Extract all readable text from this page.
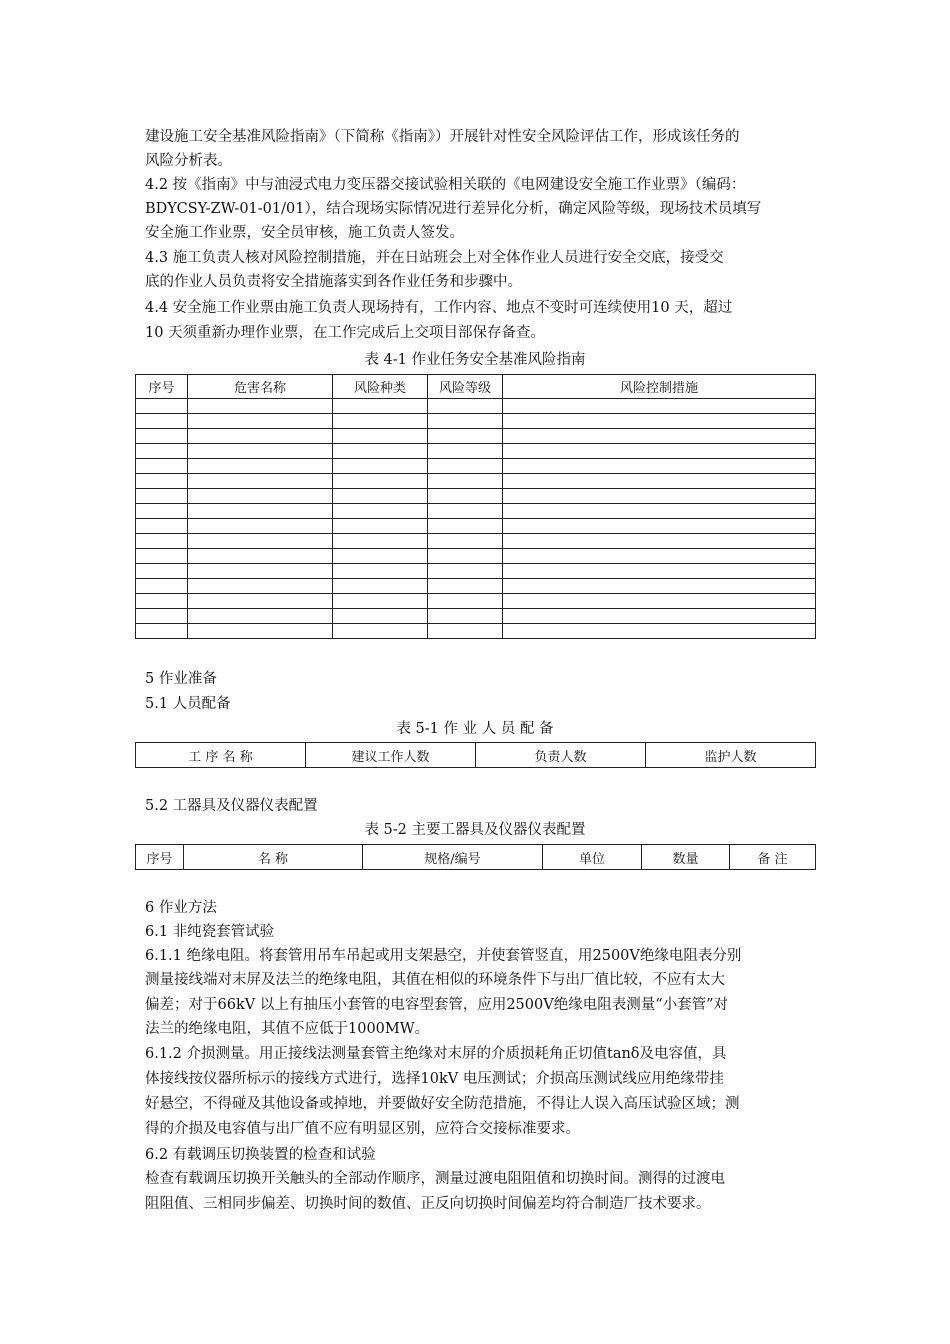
建设施工安全基准风险指南》（下简称《指南》）开展针对性安全风险评估工作，形成该任务的
风险分析表。
4.2 按《指南》中与油浸式电力变压器交接试验相关联的《电网建设安全施工作业票》（编码：
BDYCSY-ZW-01-01/01），结合现场实际情况进行差异化分析，确定风险等级，现场技术员填写
安全施工作业票，安全员审核，施工负责人签发。
4.3 施工负责人核对风险控制措施，并在日站班会上对全体作业人员进行安全交底，接受交
底的作业人员负责将安全措施落实到各作业任务和步骤中。
4.4 安全施工作业票由施工负责人现场持有，工作内容、地点不变时可连续使用10 天，超过
10 天须重新办理作业票，在工作完成后上交项目部保存备查。
表 4-1 作业任务安全基准风险指南
序号	危害名称	风险种类	风险等级	风险控制措施

5 作业准备
5.1 人员配备
表 5-1 作 业 人 员 配 备
工 序 名 称	建议工作人数	负责人数	监护人数
5.2 工器具及仪器仪表配置
表 5-2 主要工器具及仪器仪表配置
序号	名 称	规格/编号	单位	数量	备 注
6 作业方法
6.1 非纯瓷套管试验
6.1.1 绝缘电阻。将套管用吊车吊起或用支架悬空，并使套管竖直，用2500V绝缘电阻表分别
测量接线端对末屏及法兰的绝缘电阻，其值在相似的环境条件下与出厂值比较，不应有太大
偏差；对于66kV 以上有抽压小套管的电容型套管，应用2500V绝缘电阻表测量“小套管”对
法兰的绝缘电阻，其值不应低于1000MW。
6.1.2 介损测量。用正接线法测量套管主绝缘对末屏的介质损耗角正切值tanδ及电容值，具
体接线按仪器所标示的接线方式进行，选择10kV 电压测试；介损高压测试线应用绝缘带挂
好悬空，不得碰及其他设备或掉地，并要做好安全防范措施，不得让人误入高压试验区域；测
得的介损及电容值与出厂值不应有明显区别，应符合交接标准要求。
6.2 有载调压切换装置的检查和试验
检查有载调压切换开关触头的全部动作顺序，测量过渡电阻阻值和切换时间。测得的过渡电
阻阻值、三相同步偏差、切换时间的数值、正反向切换时间偏差均符合制造厂技术要求。
